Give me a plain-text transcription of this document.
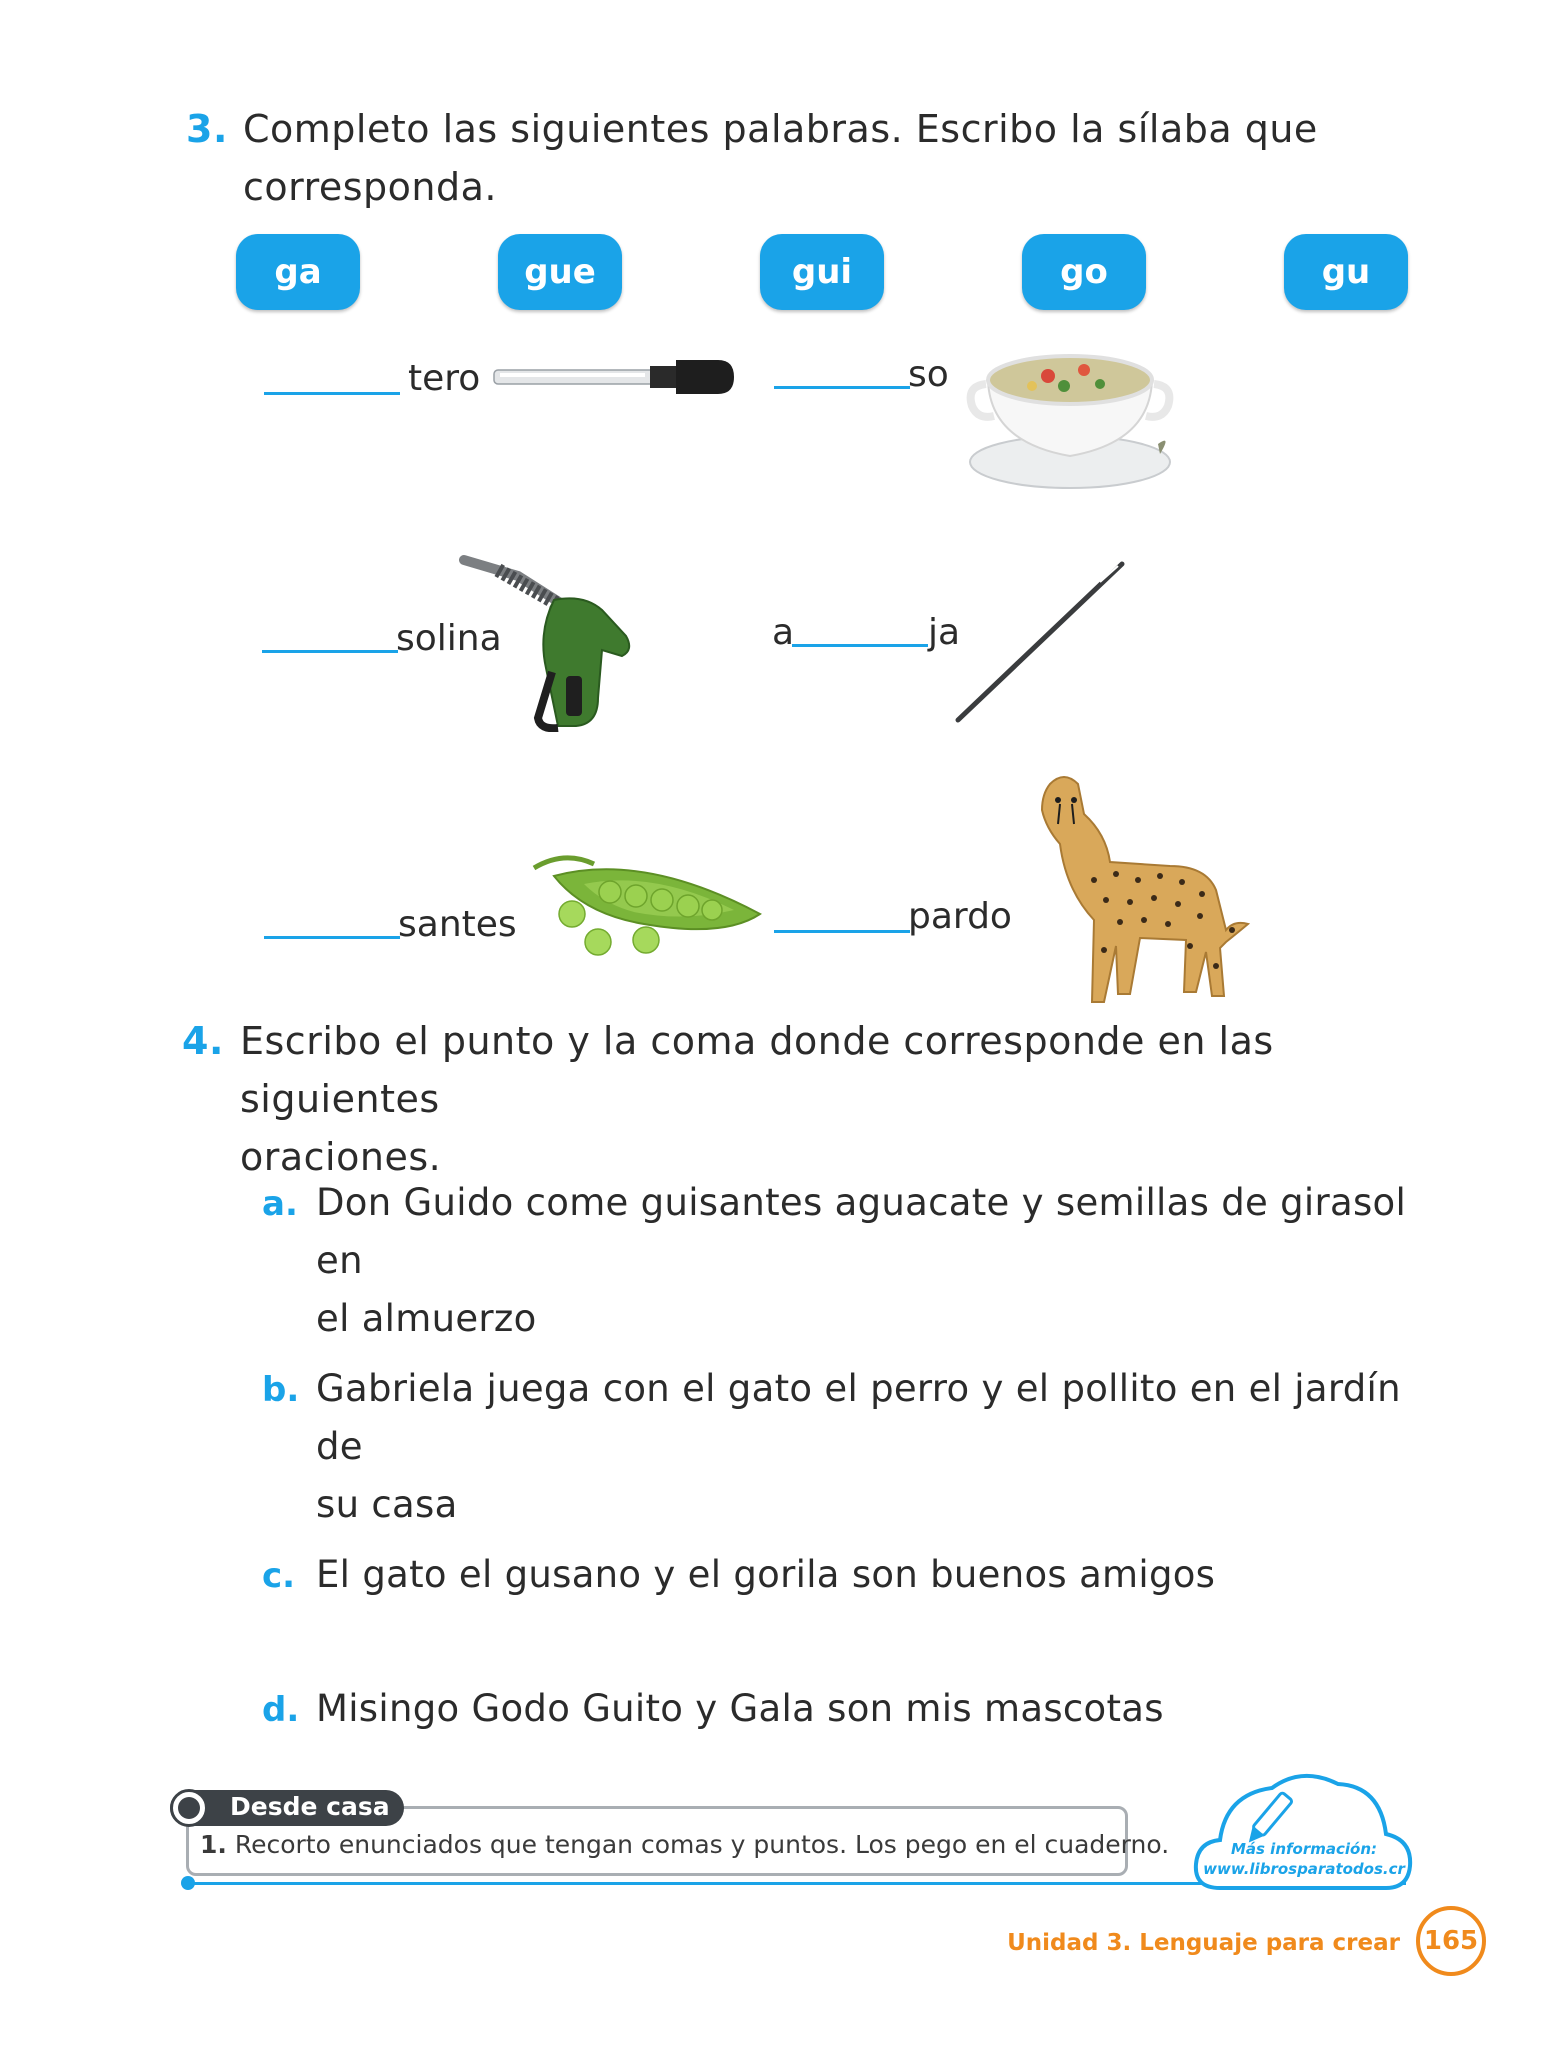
3. Completo las siguientes palabras. Escribo la sílaba que
corresponda.
ga	gue	gui	go	gu
tero	so
solina	a	ja
santes	pardo
4. Escribo el punto y la coma donde corresponde en las siguientes
oraciones.
a. Don Guido come guisantes aguacate y semillas de girasol en
el almuerzo
b. Gabriela juega con el gato el perro y el pollito en el jardín de
su casa
c. El gato el gusano y el gorila son buenos amigos
d. Misingo Godo Guito y Gala son mis mascotas
Desde casa
1. Recorto enunciados que tengan comas y puntos. Los pego en el cuaderno.	Más información:
www.librosparatodos.cr
Unidad 3. Lenguaje para crear 165
